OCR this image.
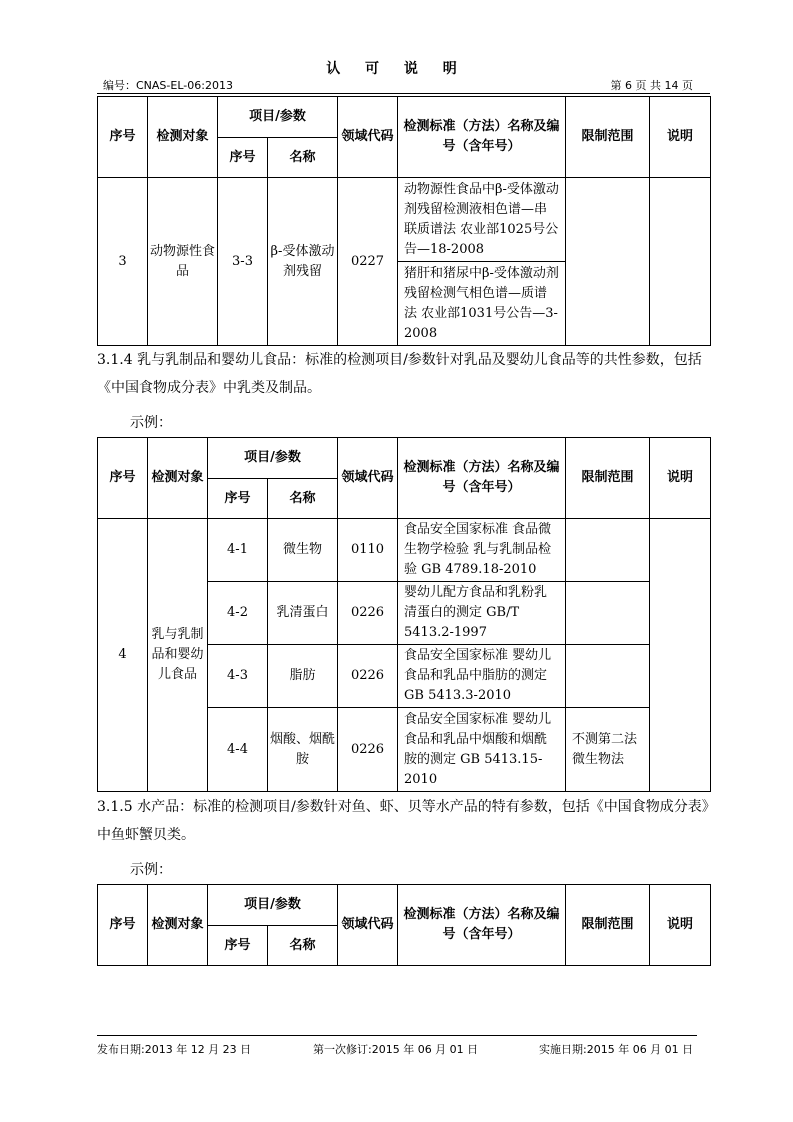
认 可 说 明
编号：CNAS-EL-06:2013	第 6 页 共 14 页
序号	检测对象	项目/参数		领域代码	检测标准（方法）名称及编号（含年号）	限制范围	说明
		序号	名称				
3	动物源性食品	3-3	β-受体激动剂残留	0227	动物源性食品中β-受体激动剂残留检测液相色谱—串联质谱法 农业部1025号公告—18-2008		
					猪肝和猪尿中β-受体激动剂残留检测气相色谱—质谱法 农业部1031号公告—3-2008		
3.1.4 乳与乳制品和婴幼儿食品：标准的检测项目/参数针对乳品及婴幼儿食品等的共性参数，包括《中国食物成分表》中乳类及制品。
示例：
序号	检测对象	项目/参数		领域代码	检测标准（方法）名称及编号（含年号）	限制范围	说明
		序号	名称				
4	乳与乳制品和婴幼儿食品	4-1	微生物	0110	食品安全国家标准 食品微生物学检验 乳与乳制品检验 GB 4789.18-2010		
		4-2	乳清蛋白	0226	婴幼儿配方食品和乳粉乳清蛋白的测定 GB/T 5413.2-1997		
		4-3	脂肪	0226	食品安全国家标准 婴幼儿食品和乳品中脂肪的测定 GB 5413.3-2010		
		4-4	烟酸、烟酰胺	0226	食品安全国家标准 婴幼儿食品和乳品中烟酸和烟酰胺的测定 GB 5413.15-2010	不测第二法 微生物法	
3.1.5 水产品：标准的检测项目/参数针对鱼、虾、贝等水产品的特有参数，包括《中国食物成分表》中鱼虾蟹贝类。
示例：
序号	检测对象	项目/参数		领域代码	检测标准（方法）名称及编号（含年号）	限制范围	说明
		序号	名称				
发布日期:2013 年 12 月 23 日	第一次修订:2015 年 06 月 01 日	实施日期:2015 年 06 月 01 日
